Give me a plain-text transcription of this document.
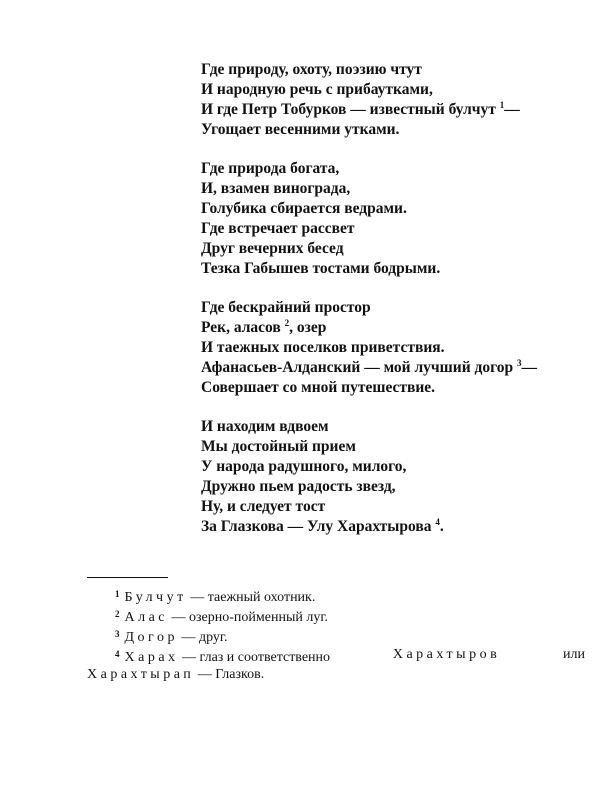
Где природу, охоту, поэзию чтут
И народную речь с прибаутками,
И где Петр Тобурков — известный булчут $^1$—
Угощает весенними утками.
Где природа богата,
И, взамен винограда,
Голубика сбирается ведрами.
Где встречает рассвет
Друг вечерних бесед
Тезка Габышев тостами бодрыми.
Где бескрайний простор
Рек, аласов $^2$, озер
И таежных поселков приветствия.
Афанасьев-Алданский — мой лучший догор $^3$—
Совершает со мной путешествие.
И находим вдвоем
Мы достойный прием
У народа радушного, милого,
Дружно пьем радость звезд,
Ну, и следует тост
За Глазкова — Улу Харахтырова $^4$.
$^1$ Булчут — таежный охотник.
$^2$ Алас — озерно-пойменный луг.
$^3$ Догор — друг.
$^4$ Харах — глаз и соответственно	Харахтыров	или
Харахтырап — Глазков.
